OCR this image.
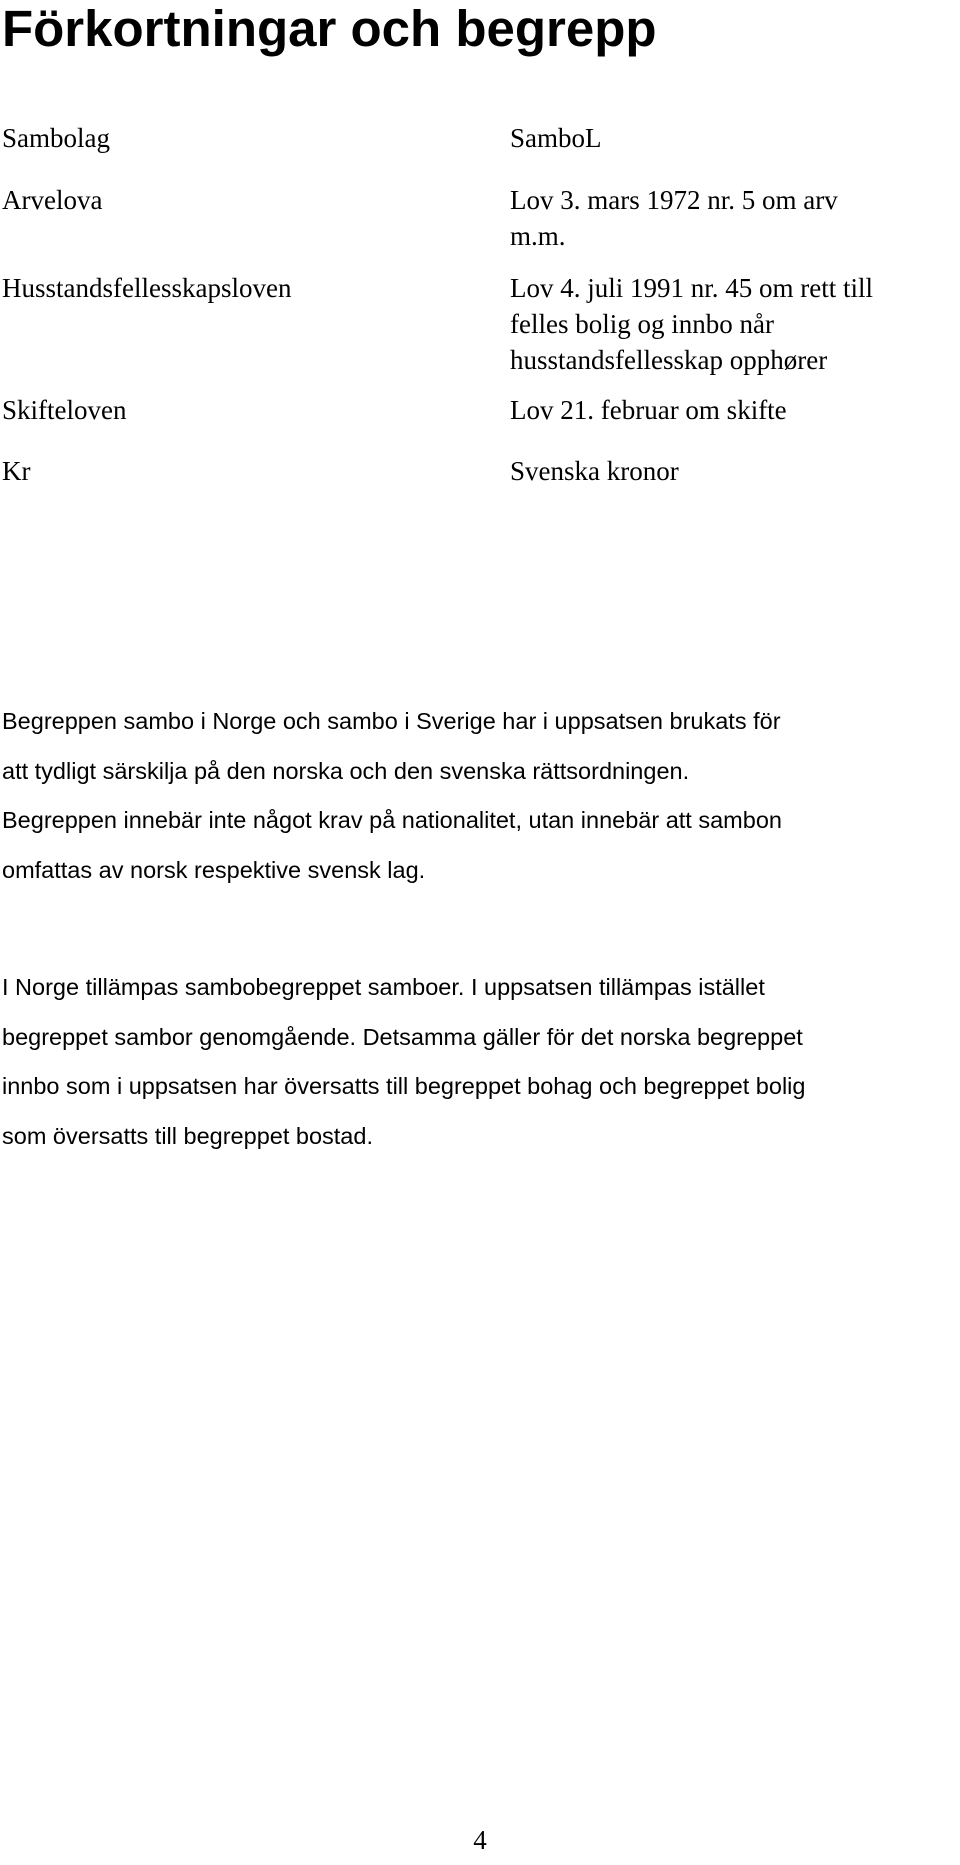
Förkortningar och begrepp
Sambolag	SamboL
Arvelova	Lov 3. mars 1972 nr. 5 om arv
m.m.
Husstandsfellesskapsloven	Lov 4. juli 1991 nr. 45 om rett till
felles bolig og innbo når
husstandsfellesskap opphører
Skifteloven	Lov 21. februar om skifte
Kr	Svenska kronor

Begreppen sambo i Norge och sambo i Sverige har i uppsatsen brukats för
att tydligt särskilja på den norska och den svenska rättsordningen.
Begreppen innebär inte något krav på nationalitet, utan innebär att sambon
omfattas av norsk respektive svensk lag.

I Norge tillämpas sambobegreppet samboer. I uppsatsen tillämpas istället
begreppet sambor genomgående. Detsamma gäller för det norska begreppet
innbo som i uppsatsen har översatts till begreppet bohag och begreppet bolig
som översatts till begreppet bostad.

4
